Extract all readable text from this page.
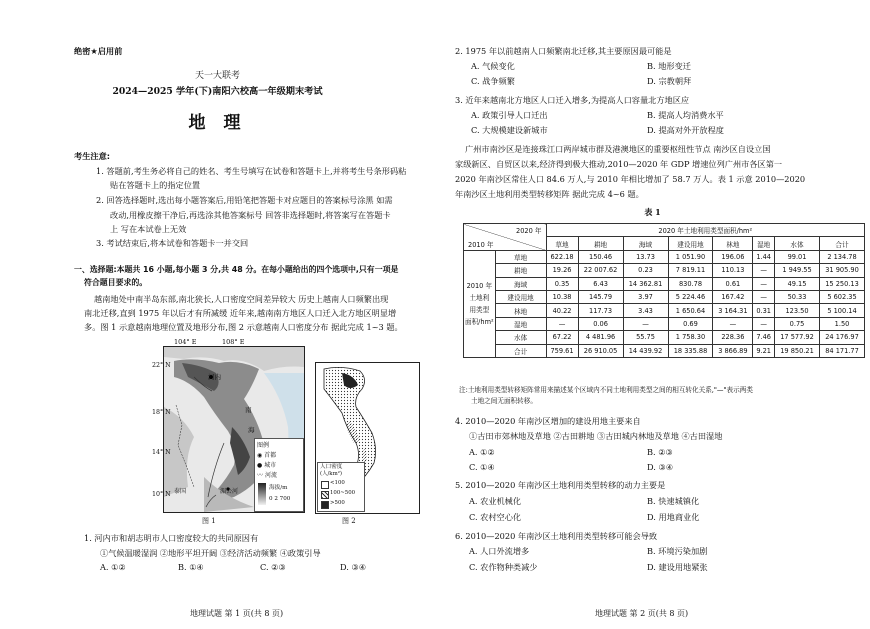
绝密★启用前
天一大联考
2024—2025 学年(下)南阳六校高一年级期末考试
地 理
考生注意:
1. 答题前,考生务必将自己的姓名、考生号填写在试卷和答题卡上,并将考生号条形码粘
贴在答题卡上的指定位置
2. 回答选择题时,选出每小题答案后,用铅笔把答题卡对应题目的答案标号涂黑 如需
改动,用橡皮擦干净后,再选涂其他答案标号 回答非选择题时,将答案写在答题卡
上 写在本试卷上无效
3. 考试结束后,将本试卷和答题卡一并交回
一、选择题:本题共 16 小题,每小题 3 分,共 48 分。在每小题给出的四个选项中,只有一项是
符合题目要求的。
越南地处中南半岛东部,南北狭长,人口密度空间差异较大 历史上越南人口频繁出现
南北迁移,直到 1975 年以后才有所减缓 近年来,越南南方地区人口迁入北方地区明显增
多。图 1 示意越南地理位置及地形分布,图 2 示意越南人口密度分布 据此完成 1~3 题。
104° E	108° E
22° N
18° N
14° N
10° N
河内
南
海
湄公河
泰国
图例
◉ 首都
● 城市
〰 河流
海拔/m
0 2 700
图 1
人口密度
(人/km²)
<100
100~500
>500
图 2
1. 河内市和胡志明市人口密度较大的共同原因有
①气候温暖湿润 ②地形平坦开阔 ③经济活动频繁 ④政策引导
A. ①②	B. ①④	C. ②③	D. ③④
地理试题 第 1 页(共 8 页)
2. 1975 年以前越南人口频繁南北迁移,其主要原因最可能是
A. 气候变化	B. 地形变迁
C. 战争频繁	D. 宗教朝拜
3. 近年来越南北方地区人口迁入增多,为提高人口容量北方地区应
A. 政策引导人口迁出	B. 提高人均消费水平
C. 大规模建设新城市	D. 提高对外开放程度
广州市南沙区是连接珠江口两岸城市群及港澳地区的重要枢纽性节点 南沙区自设立国
家级新区、自贸区以来,经济得到极大推动,2010—2020 年 GDP 增速位列广州市各区第一
2020 年南沙区常住人口 84.6 万人,与 2010 年相比增加了 58.7 万人。表 1 示意 2010—2020
年南沙区土地利用类型转移矩阵 据此完成 4~6 题。
表 1
2020 年
2010 年		2020 年土地利用类型面积/hm²							
		草地	耕地	海域	建设用地	林地	湿地	水体	合计

2010 年
土地利
用类型
面积/hm²	草地	622.18	150.46	13.73	1 051.90	196.06	1.44	99.01	2 134.78
	耕地	19.26	22 007.62	0.23	7 819.11	110.13	—	1 949.55	31 905.90
	海域	0.35	6.43	14 362.81	830.78	0.61	—	49.15	15 250.13
	建设用地	10.38	145.79	3.97	5 224.46	167.42	—	50.33	5 602.35
	林地	40.22	117.73	3.43	1 650.64	3 164.31	0.31	123.50	5 100.14
	湿地	—	0.06	—	0.69	—	—	0.75	1.50
	水体	67.22	4 481.96	55.75	1 758.30	228.36	7.46	17 577.92	24 176.97
	合计	759.61	26 910.05	14 439.92	18 335.88	3 866.89	9.21	19 850.21	84 171.77
注:土地利用类型转移矩阵常用来描述某个区域内不同土地利用类型之间的相互转化关系,"—"表示两类
土地之间无面积转移。
4. 2010—2020 年南沙区增加的建设用地主要来自
①古田市郊林地及草地 ②古田耕地 ③古田城内林地及草地 ④古田湿地
A. ①②	B. ②③
C. ①④	D. ③④
5. 2010—2020 年南沙区土地利用类型转移的动力主要是
A. 农业机械化	B. 快速城镇化
C. 农村空心化	D. 用地商业化
6. 2010—2020 年南沙区土地利用类型转移可能会导致
A. 人口外流增多	B. 环境污染加剧
C. 农作物种类减少	D. 建设用地紧张
地理试题 第 2 页(共 8 页)
